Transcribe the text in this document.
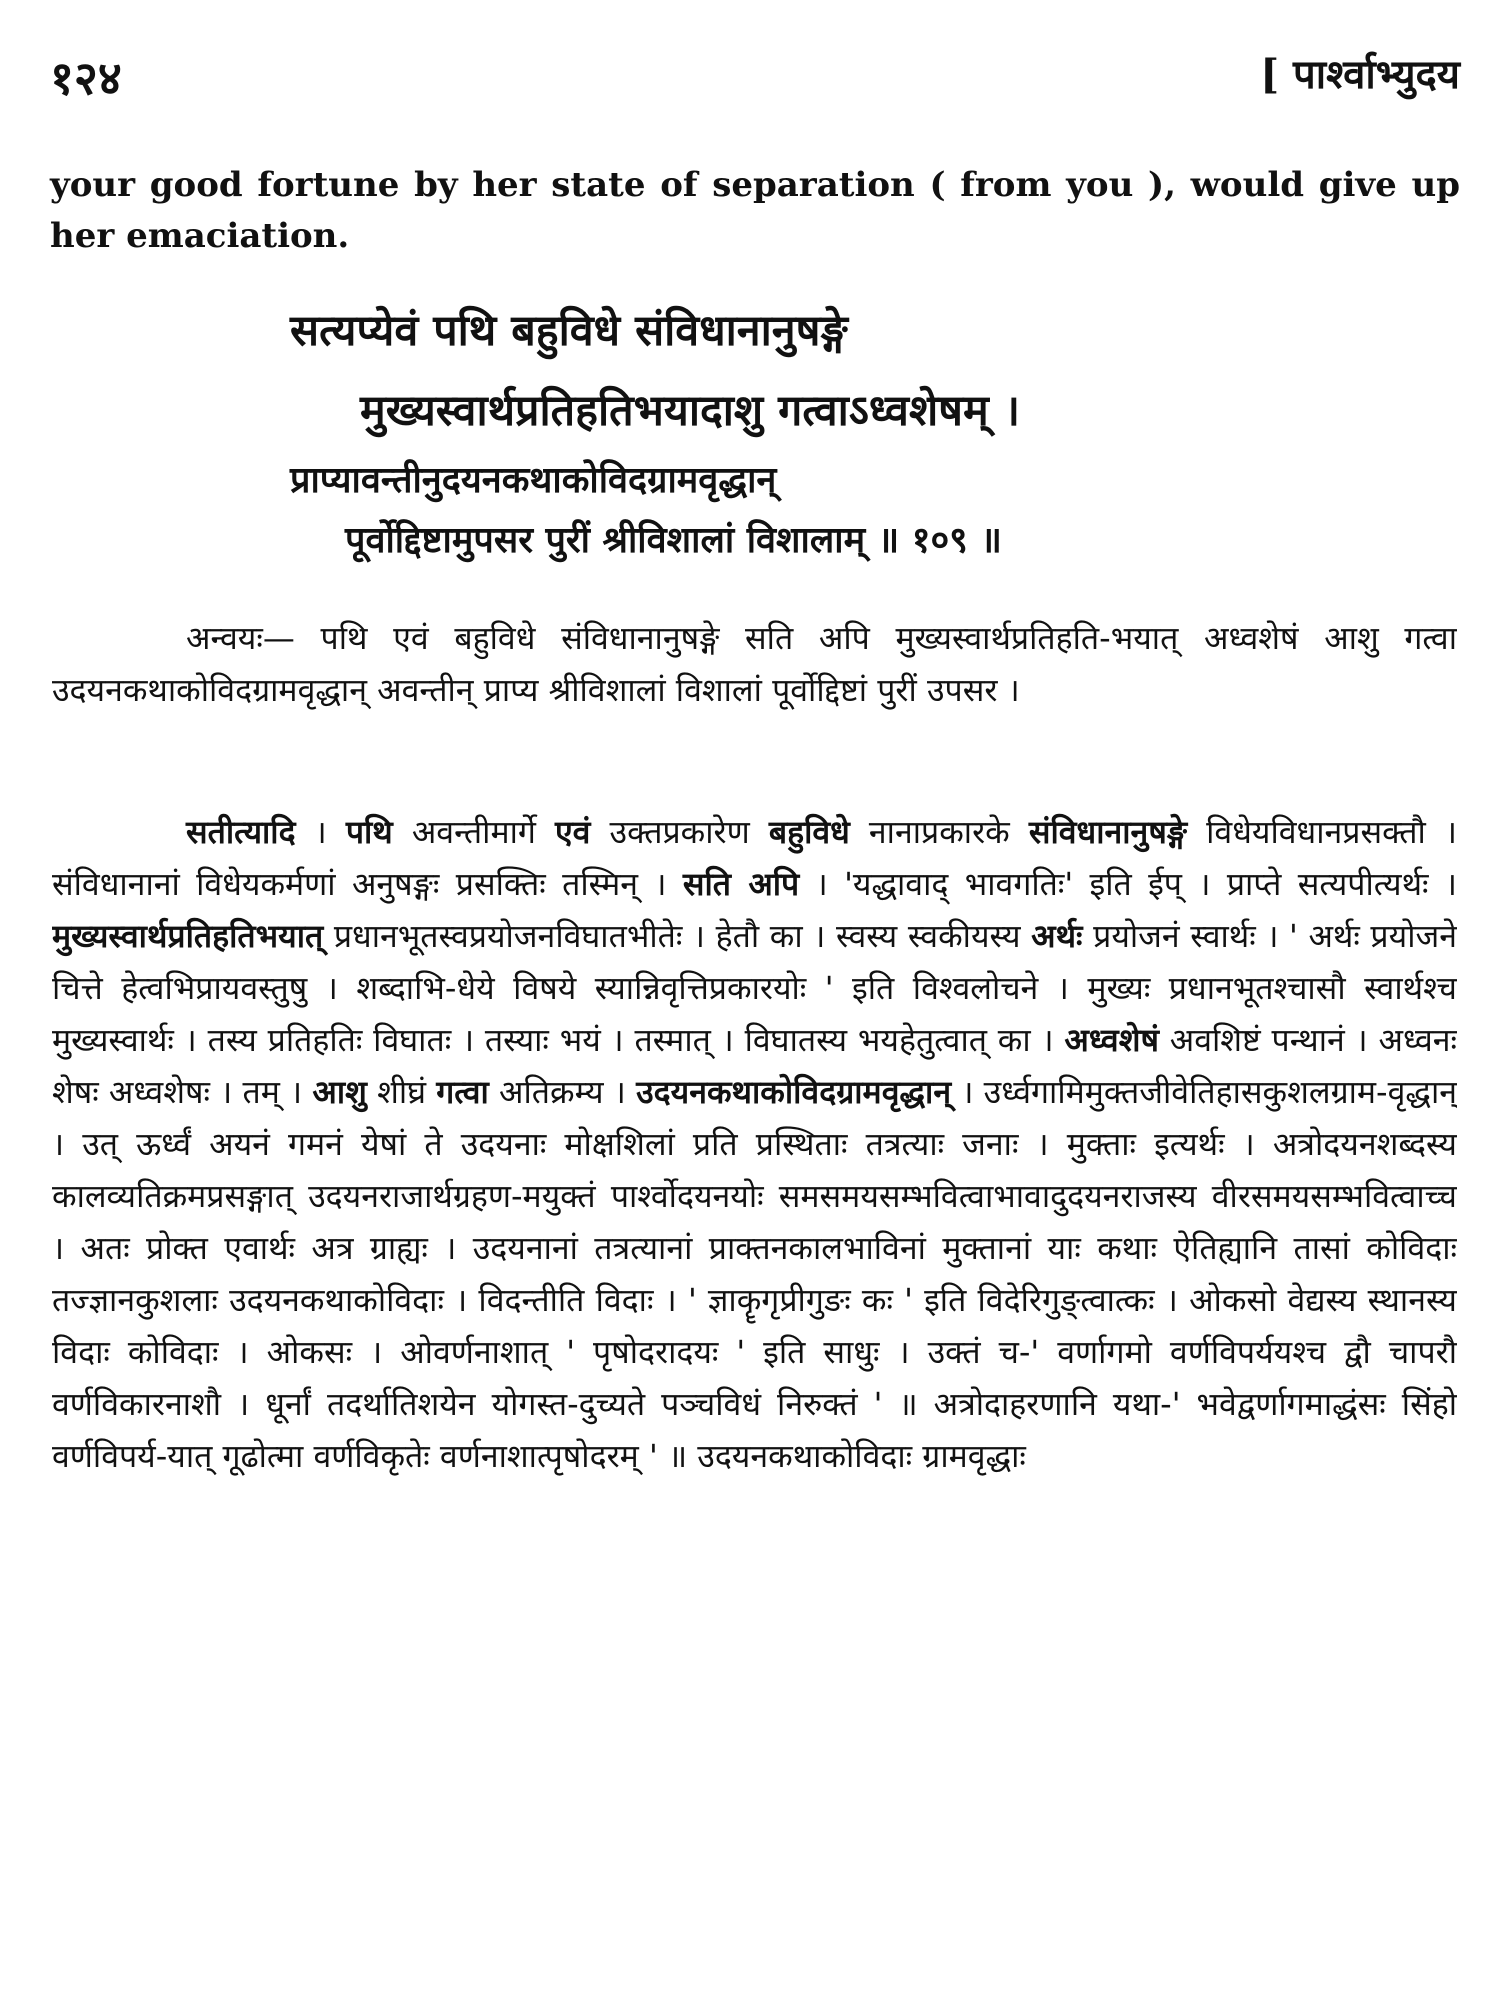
१२४	[ पार्श्वाभ्युदय
your good fortune by her state of separation ( from you ), would give up her emaciation.
सत्यप्येवं पथि बहुविधे संविधानानुषङ्गे
मुख्यस्वार्थप्रतिहतिभयादाशु गत्वाऽध्वशेषम् ।
प्राप्यावन्तीनुदयनकथाकोविदग्रामवृद्धान्
पूर्वोद्दिष्टामुपसर पुरीं श्रीविशालां विशालाम् ॥ १०९ ॥
अन्वयः— पथि एवं बहुविधे संविधानानुषङ्गे सति अपि मुख्यस्वार्थप्रतिहति-भयात् अध्वशेषं आशु गत्वा उदयनकथाकोविदग्रामवृद्धान् अवन्तीन् प्राप्य श्रीविशालां विशालां पूर्वोद्दिष्टां पुरीं उपसर ।
सतीत्यादि । पथि अवन्तीमार्गे एवं उक्तप्रकारेण बहुविधे नानाप्रकारके संविधानानुषङ्गे विधेयविधानप्रसक्तौ । संविधानानां विधेयकर्मणां अनुषङ्गः प्रसक्तिः तस्मिन् । सति अपि । 'यद्धावाद् भावगतिः' इति ईप् । प्राप्ते सत्यपीत्यर्थः । मुख्यस्वार्थप्रतिहतिभयात् प्रधानभूतस्वप्रयोजनविघातभीतेः । हेतौ का । स्वस्य स्वकीयस्य अर्थः प्रयोजनं स्वार्थः । ' अर्थः प्रयोजने चित्ते हेत्वभिप्रायवस्तुषु । शब्दाभि-धेये विषये स्यान्निवृत्तिप्रकारयोः ' इति विश्वलोचने । मुख्यः प्रधानभूतश्चासौ स्वार्थश्च मुख्यस्वार्थः । तस्य प्रतिहतिः विघातः । तस्याः भयं । तस्मात् । विघातस्य भयहेतुत्वात् का । अध्वशेषं अवशिष्टं पन्थानं । अध्वनः शेषः अध्वशेषः । तम् । आशु शीघ्रं गत्वा अतिक्रम्य । उदयनकथाकोविदग्रामवृद्धान् । उर्ध्वगामिमुक्तजीवेतिहासकुशलग्राम-वृद्धान् । उत् ऊर्ध्वं अयनं गमनं येषां ते उदयनाः मोक्षशिलां प्रति प्रस्थिताः तत्रत्याः जनाः । मुक्ताः इत्यर्थः । अत्रोदयनशब्दस्य कालव्यतिक्रमप्रसङ्गात् उदयनराजार्थग्रहण-मयुक्तं पार्श्वोदयनयोः समसमयसम्भवित्वाभावादुदयनराजस्य वीरसमयसम्भवित्वाच्च । अतः प्रोक्त एवार्थः अत्र ग्राह्यः । उदयनानां तत्रत्यानां प्राक्तनकालभाविनां मुक्तानां याः कथाः ऐतिह्यानि तासां कोविदाः तज्ज्ञानकुशलाः उदयनकथाकोविदाः । विदन्तीति विदाः । ' ज्ञाकॄगृप्रीगुङः कः ' इति विदेरिगुङ्त्वात्कः । ओकसो वेद्यस्य स्थानस्य विदाः कोविदाः । ओकसः । ओवर्णनाशात् ' पृषोदरादयः ' इति साधुः । उक्तं च-' वर्णागमो वर्णविपर्ययश्च द्वौ चापरौ वर्णविकारनाशौ । धूर्नां तदर्थातिशयेन योगस्त-दुच्यते पञ्चविधं निरुक्तं ' ॥ अत्रोदाहरणानि यथा-' भवेद्वर्णागमाद्धंसः सिंहो वर्णविपर्य-यात् गूढोत्मा वर्णविकृतेः वर्णनाशात्पृषोदरम् ' ॥ उदयनकथाकोविदाः ग्रामवृद्धाः
